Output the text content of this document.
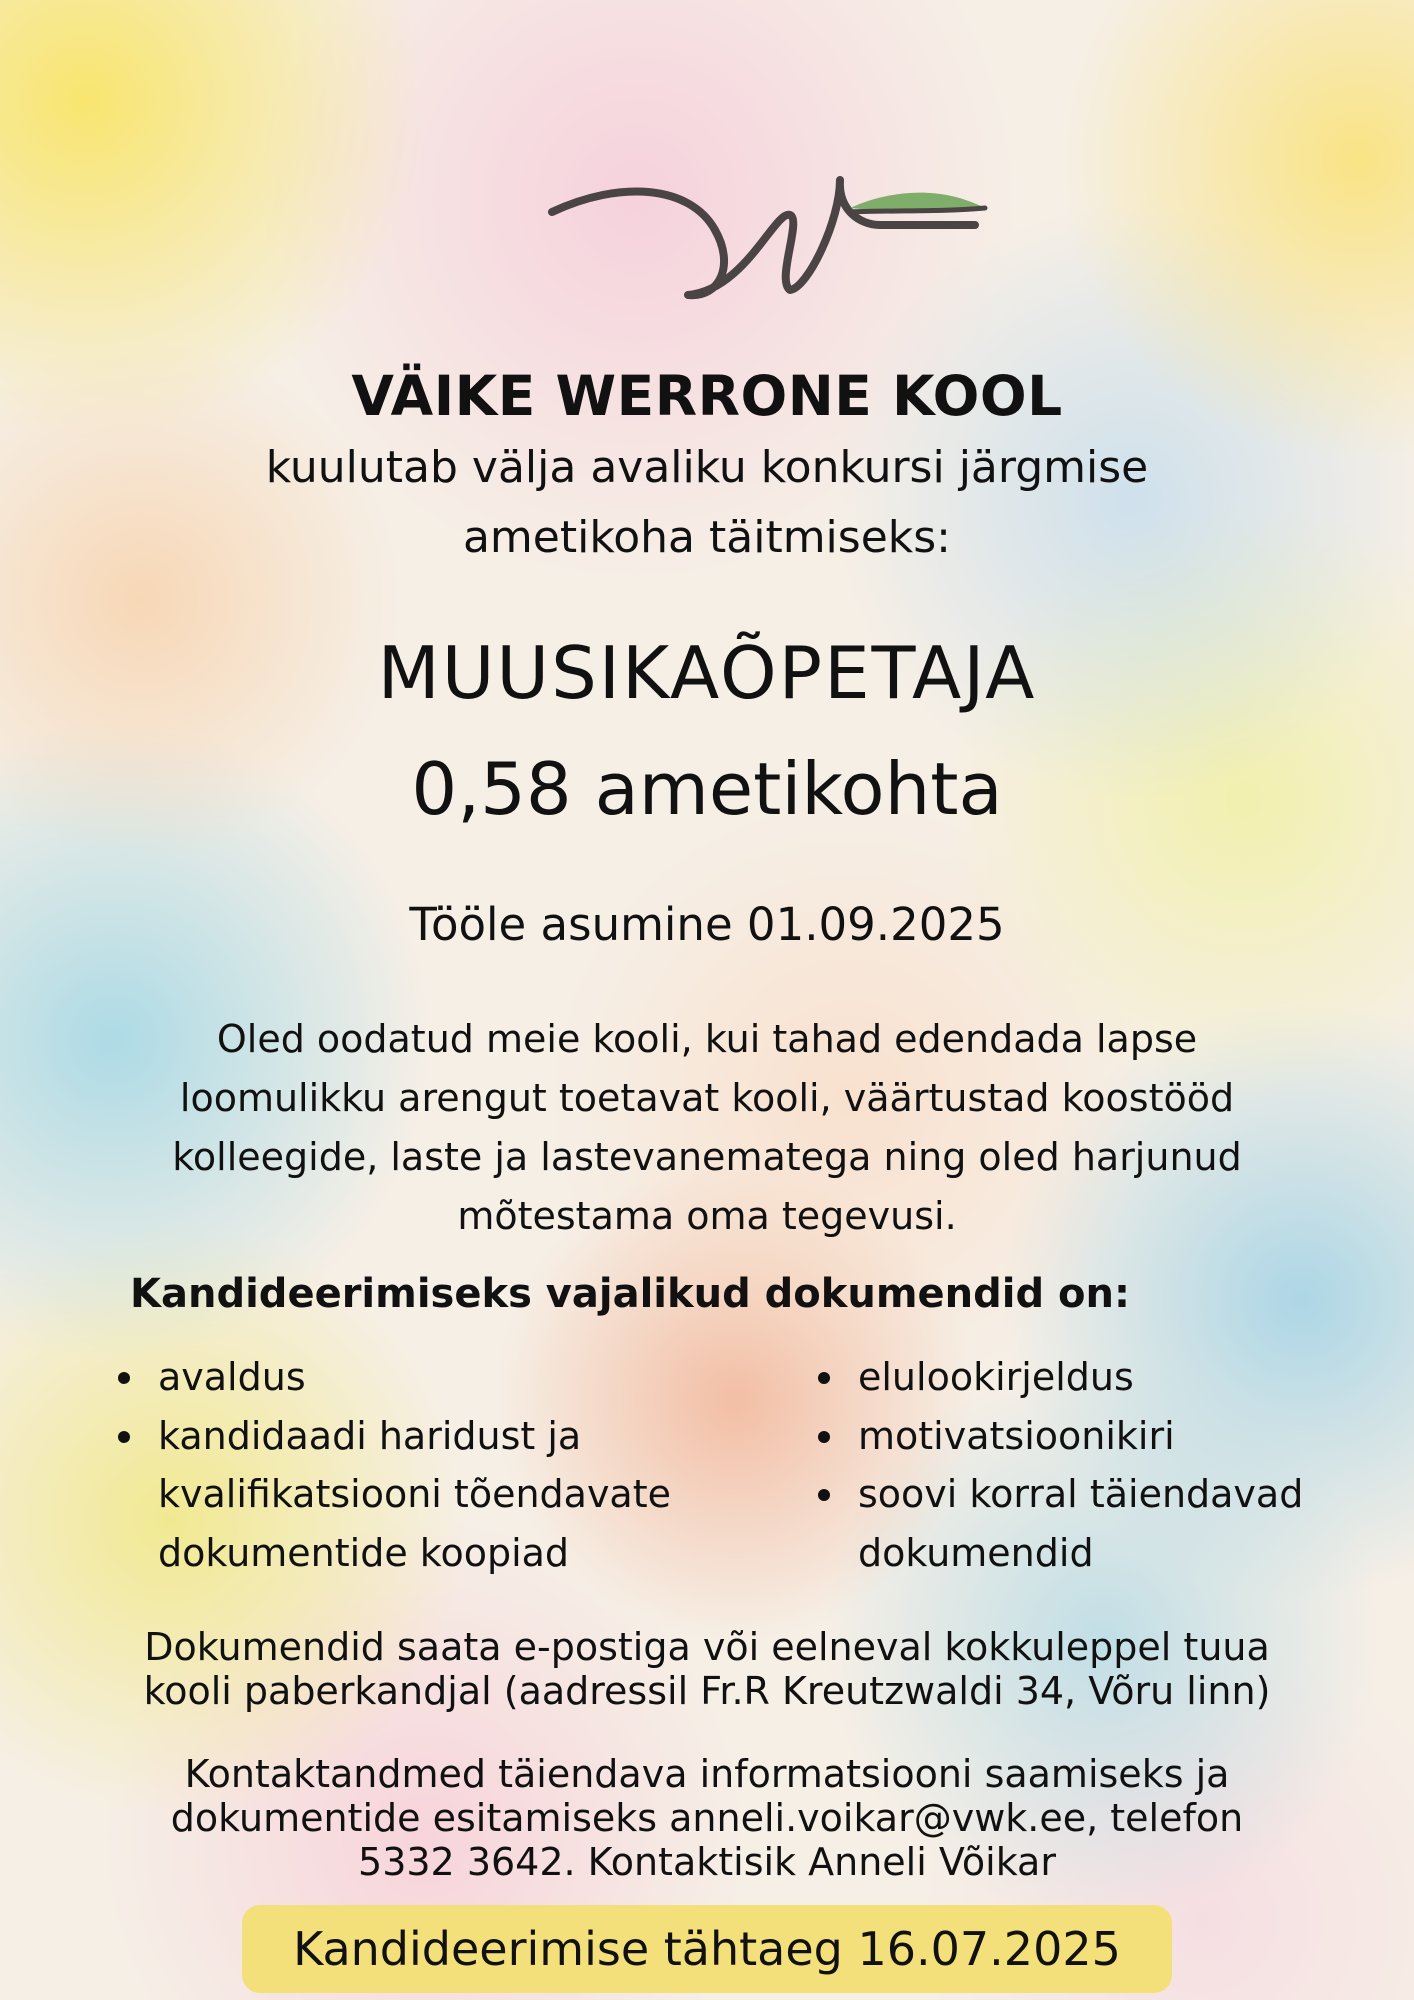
VÄIKE WERRONE KOOL
kuulutab välja avaliku konkursi järgmise
ametikoha täitmiseks:
MUUSIKAÕPETAJA
0,58 ametikohta
Tööle asumine 01.09.2025
Oled oodatud meie kooli, kui tahad edendada lapse
loomulikku arengut toetavat kooli, väärtustad koostööd
kolleegide, laste ja lastevanematega ning oled harjunud
mõtestama oma tegevusi.
Kandideerimiseks vajalikud dokumendid on:
avaldus
kandidaadi haridust ja
kvalifikatsiooni tõendavate
dokumentide koopiad
elulookirjeldus
motivatsioonikiri
soovi korral täiendavad
dokumendid
Dokumendid saata e-postiga või eelneval kokkuleppel tuua
kooli paberkandjal (aadressil Fr.R Kreutzwaldi 34, Võru linn)
Kontaktandmed täiendava informatsiooni saamiseks ja
dokumentide esitamiseks anneli.voikar@vwk.ee, telefon
5332 3642. Kontaktisik Anneli Võikar
Kandideerimise tähtaeg 16.07.2025
